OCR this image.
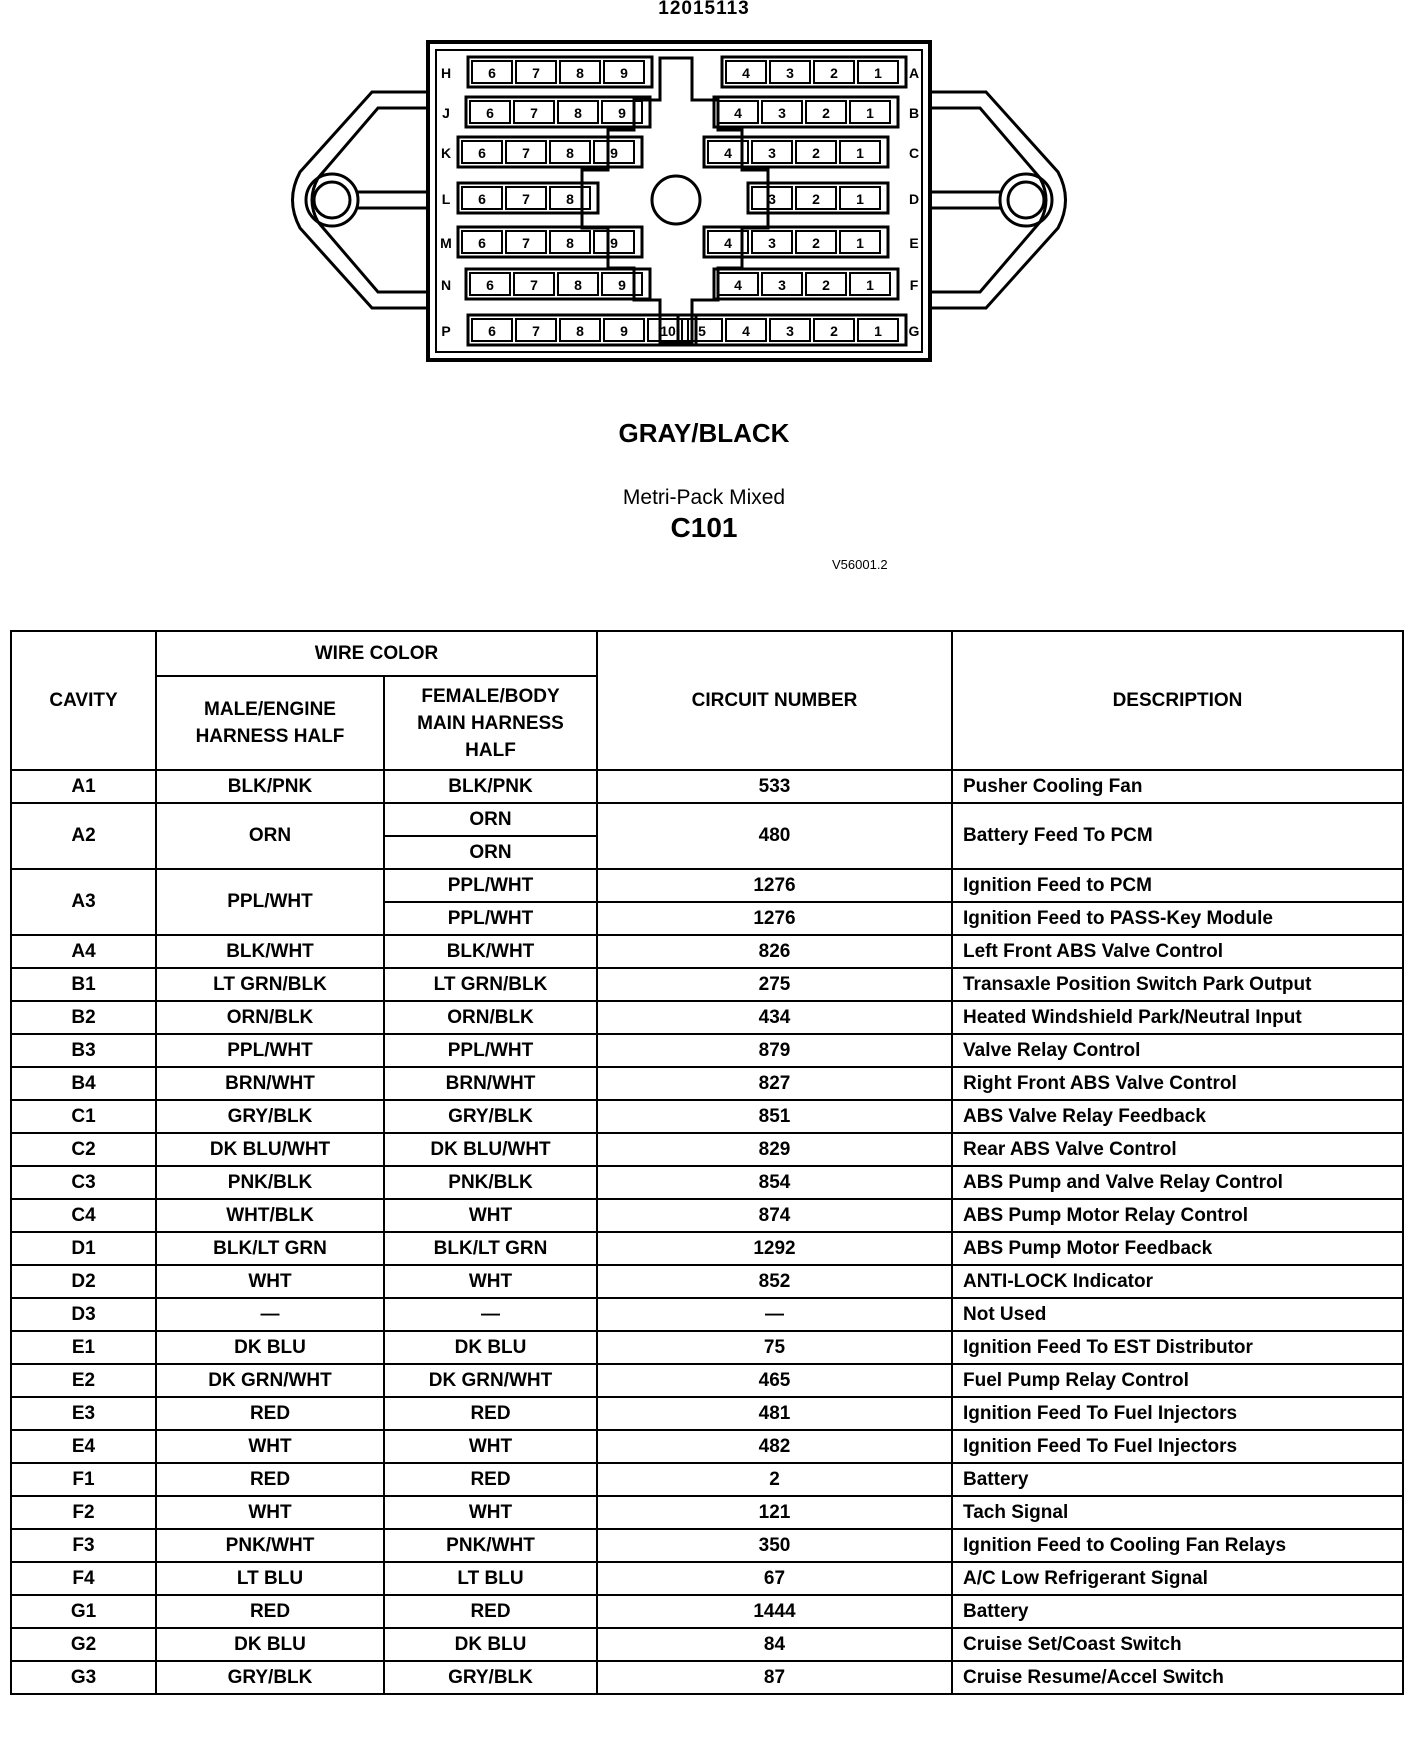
12015113
H	A
6	7	8	9	4	3	2	1
J	B
6	7	8	9	4	3	2	1
K	C
6	7	8	9	4	3	2	1
L	D
6	7	8	3	2	1
M	E
6	7	8	9	4	3	2	1
N	F
6	7	8	9	4	3	2	1
P	G
6	7	8	9 10 5	4	3	2	1
GRAY/BLACK
Metri-Pack Mixed
C101
V56001.2
CAVITY	WIRE COLOR		CIRCUIT NUMBER	DESCRIPTION
	MALE/ENGINE HARNESS HALF	FEMALE/BODY MAIN HARNESS HALF		
A1	BLK/PNK	BLK/PNK	533	Pusher Cooling Fan
A2	ORN	ORN	480	Battery Feed To PCM
		ORN		
A3	PPL/WHT	PPL/WHT	1276	Ignition Feed to PCM
		PPL/WHT	1276	Ignition Feed to PASS-Key Module
A4	BLK/WHT	BLK/WHT	826	Left Front ABS Valve Control
B1	LT GRN/BLK	LT GRN/BLK	275	Transaxle Position Switch Park Output
B2	ORN/BLK	ORN/BLK	434	Heated Windshield Park/Neutral Input
B3	PPL/WHT	PPL/WHT	879	Valve Relay Control
B4	BRN/WHT	BRN/WHT	827	Right Front ABS Valve Control
C1	GRY/BLK	GRY/BLK	851	ABS Valve Relay Feedback
C2	DK BLU/WHT	DK BLU/WHT	829	Rear ABS Valve Control
C3	PNK/BLK	PNK/BLK	854	ABS Pump and Valve Relay Control
C4	WHT/BLK	WHT	874	ABS Pump Motor Relay Control
D1	BLK/LT GRN	BLK/LT GRN	1292	ABS Pump Motor Feedback
D2	WHT	WHT	852	ANTI-LOCK Indicator
D3	—	—	—	Not Used
E1	DK BLU	DK BLU	75	Ignition Feed To EST Distributor
E2	DK GRN/WHT	DK GRN/WHT	465	Fuel Pump Relay Control
E3	RED	RED	481	Ignition Feed To Fuel Injectors
E4	WHT	WHT	482	Ignition Feed To Fuel Injectors
F1	RED	RED	2	Battery
F2	WHT	WHT	121	Tach Signal
F3	PNK/WHT	PNK/WHT	350	Ignition Feed to Cooling Fan Relays
F4	LT BLU	LT BLU	67	A/C Low Refrigerant Signal
G1	RED	RED	1444	Battery
G2	DK BLU	DK BLU	84	Cruise Set/Coast Switch
G3	GRY/BLK	GRY/BLK	87	Cruise Resume/Accel Switch
